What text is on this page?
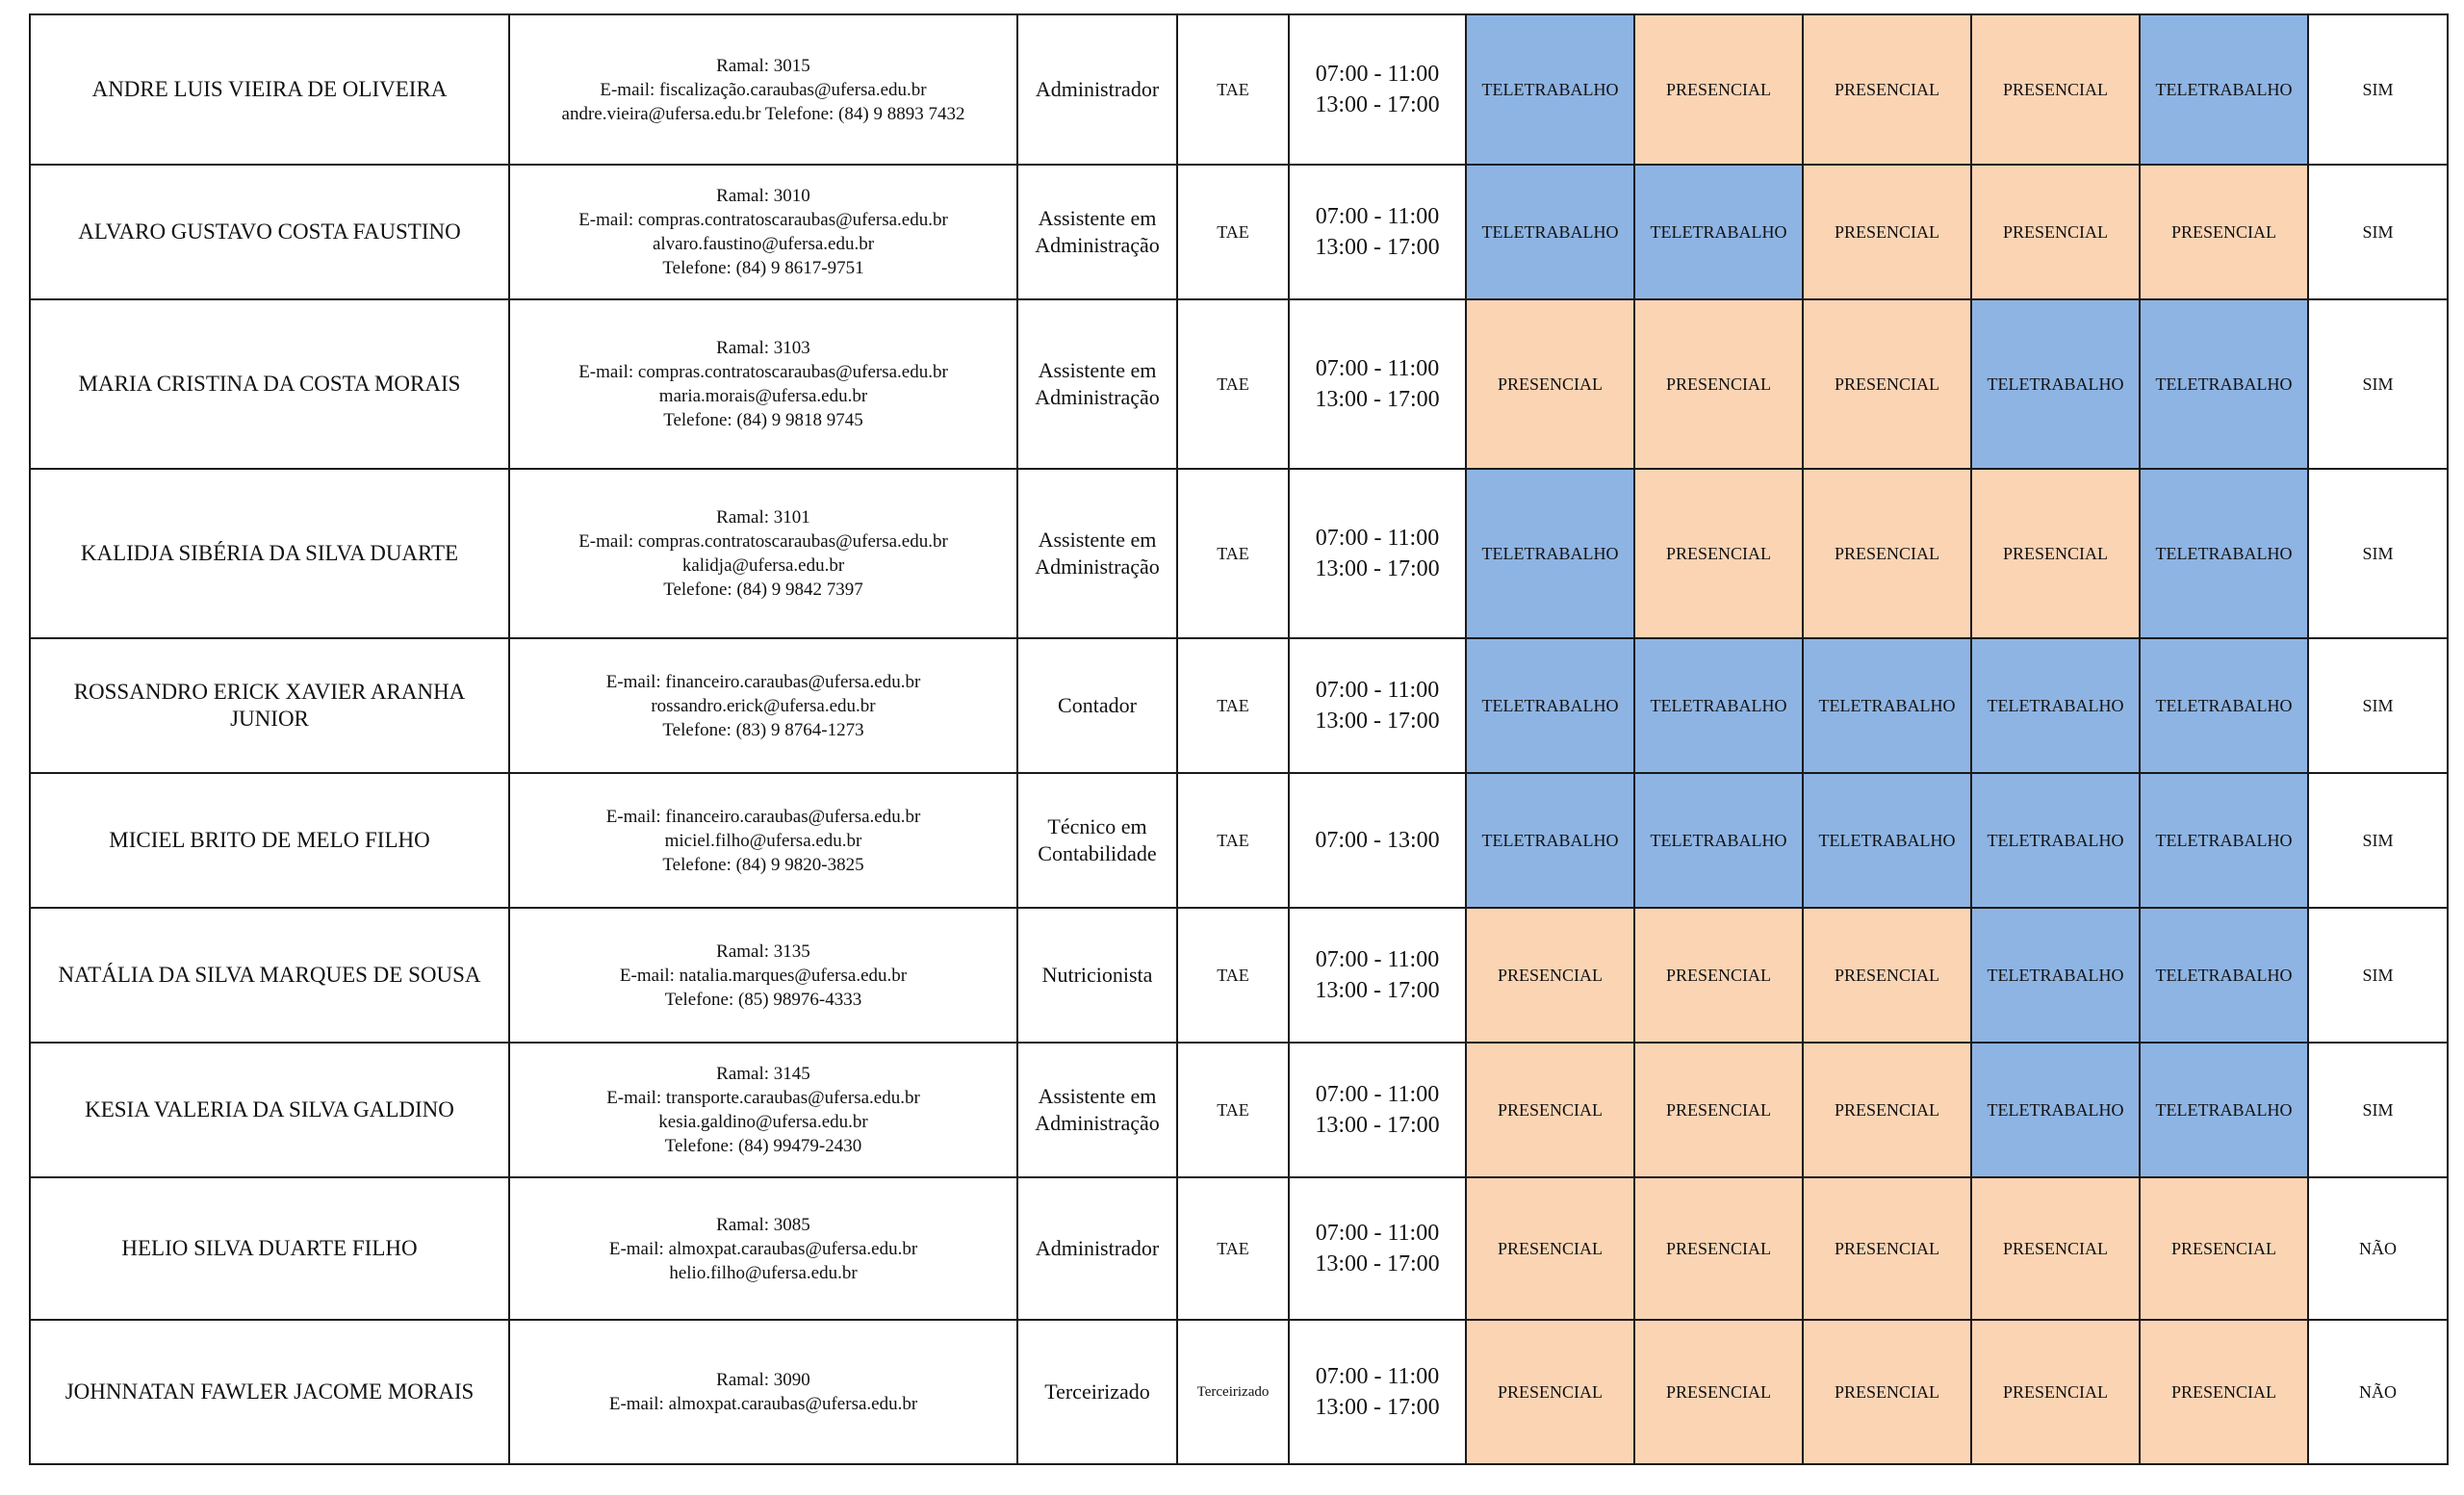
ANDRE LUIS VIEIRA DE OLIVEIRA	Ramal: 3015
E-mail: fiscalização.caraubas@ufersa.edu.br
andre.vieira@ufersa.edu.br Telefone: (84) 9 8893 7432	Administrador	TAE	07:00 - 11:00
13:00 - 17:00	TELETRABALHO	PRESENCIAL	PRESENCIAL	PRESENCIAL	TELETRABALHO	SIM
ALVARO GUSTAVO COSTA FAUSTINO	Ramal: 3010
E-mail: compras.contratoscaraubas@ufersa.edu.br
alvaro.faustino@ufersa.edu.br
Telefone: (84) 9 8617-9751	Assistente em Administração	TAE	07:00 - 11:00
13:00 - 17:00	TELETRABALHO	TELETRABALHO	PRESENCIAL	PRESENCIAL	PRESENCIAL	SIM
MARIA CRISTINA DA COSTA MORAIS	Ramal: 3103
E-mail: compras.contratoscaraubas@ufersa.edu.br
maria.morais@ufersa.edu.br
Telefone: (84) 9 9818 9745	Assistente em Administração	TAE	07:00 - 11:00
13:00 - 17:00	PRESENCIAL	PRESENCIAL	PRESENCIAL	TELETRABALHO	TELETRABALHO	SIM
KALIDJA SIBÉRIA DA SILVA DUARTE	Ramal: 3101
E-mail: compras.contratoscaraubas@ufersa.edu.br
kalidja@ufersa.edu.br
Telefone: (84) 9 9842 7397	Assistente em Administração	TAE	07:00 - 11:00
13:00 - 17:00	TELETRABALHO	PRESENCIAL	PRESENCIAL	PRESENCIAL	TELETRABALHO	SIM
ROSSANDRO ERICK XAVIER ARANHA JUNIOR	E-mail: financeiro.caraubas@ufersa.edu.br
rossandro.erick@ufersa.edu.br
Telefone: (83) 9 8764-1273	Contador	TAE	07:00 - 11:00
13:00 - 17:00	TELETRABALHO	TELETRABALHO	TELETRABALHO	TELETRABALHO	TELETRABALHO	SIM
MICIEL BRITO DE MELO FILHO	E-mail: financeiro.caraubas@ufersa.edu.br
miciel.filho@ufersa.edu.br
Telefone: (84) 9 9820-3825	Técnico em Contabilidade	TAE	07:00 - 13:00	TELETRABALHO	TELETRABALHO	TELETRABALHO	TELETRABALHO	TELETRABALHO	SIM
NATÁLIA DA SILVA MARQUES DE SOUSA	Ramal: 3135
E-mail: natalia.marques@ufersa.edu.br
Telefone: (85) 98976-4333	Nutricionista	TAE	07:00 - 11:00
13:00 - 17:00	PRESENCIAL	PRESENCIAL	PRESENCIAL	TELETRABALHO	TELETRABALHO	SIM
KESIA VALERIA DA SILVA GALDINO	Ramal: 3145
E-mail: transporte.caraubas@ufersa.edu.br
kesia.galdino@ufersa.edu.br
Telefone: (84) 99479-2430	Assistente em Administração	TAE	07:00 - 11:00
13:00 - 17:00	PRESENCIAL	PRESENCIAL	PRESENCIAL	TELETRABALHO	TELETRABALHO	SIM
HELIO SILVA DUARTE FILHO	Ramal: 3085
E-mail: almoxpat.caraubas@ufersa.edu.br
helio.filho@ufersa.edu.br	Administrador	TAE	07:00 - 11:00
13:00 - 17:00	PRESENCIAL	PRESENCIAL	PRESENCIAL	PRESENCIAL	PRESENCIAL	NÃO
JOHNNATAN FAWLER JACOME MORAIS	Ramal: 3090
E-mail: almoxpat.caraubas@ufersa.edu.br	Terceirizado	Terceirizado	07:00 - 11:00
13:00 - 17:00	PRESENCIAL	PRESENCIAL	PRESENCIAL	PRESENCIAL	PRESENCIAL	NÃO
